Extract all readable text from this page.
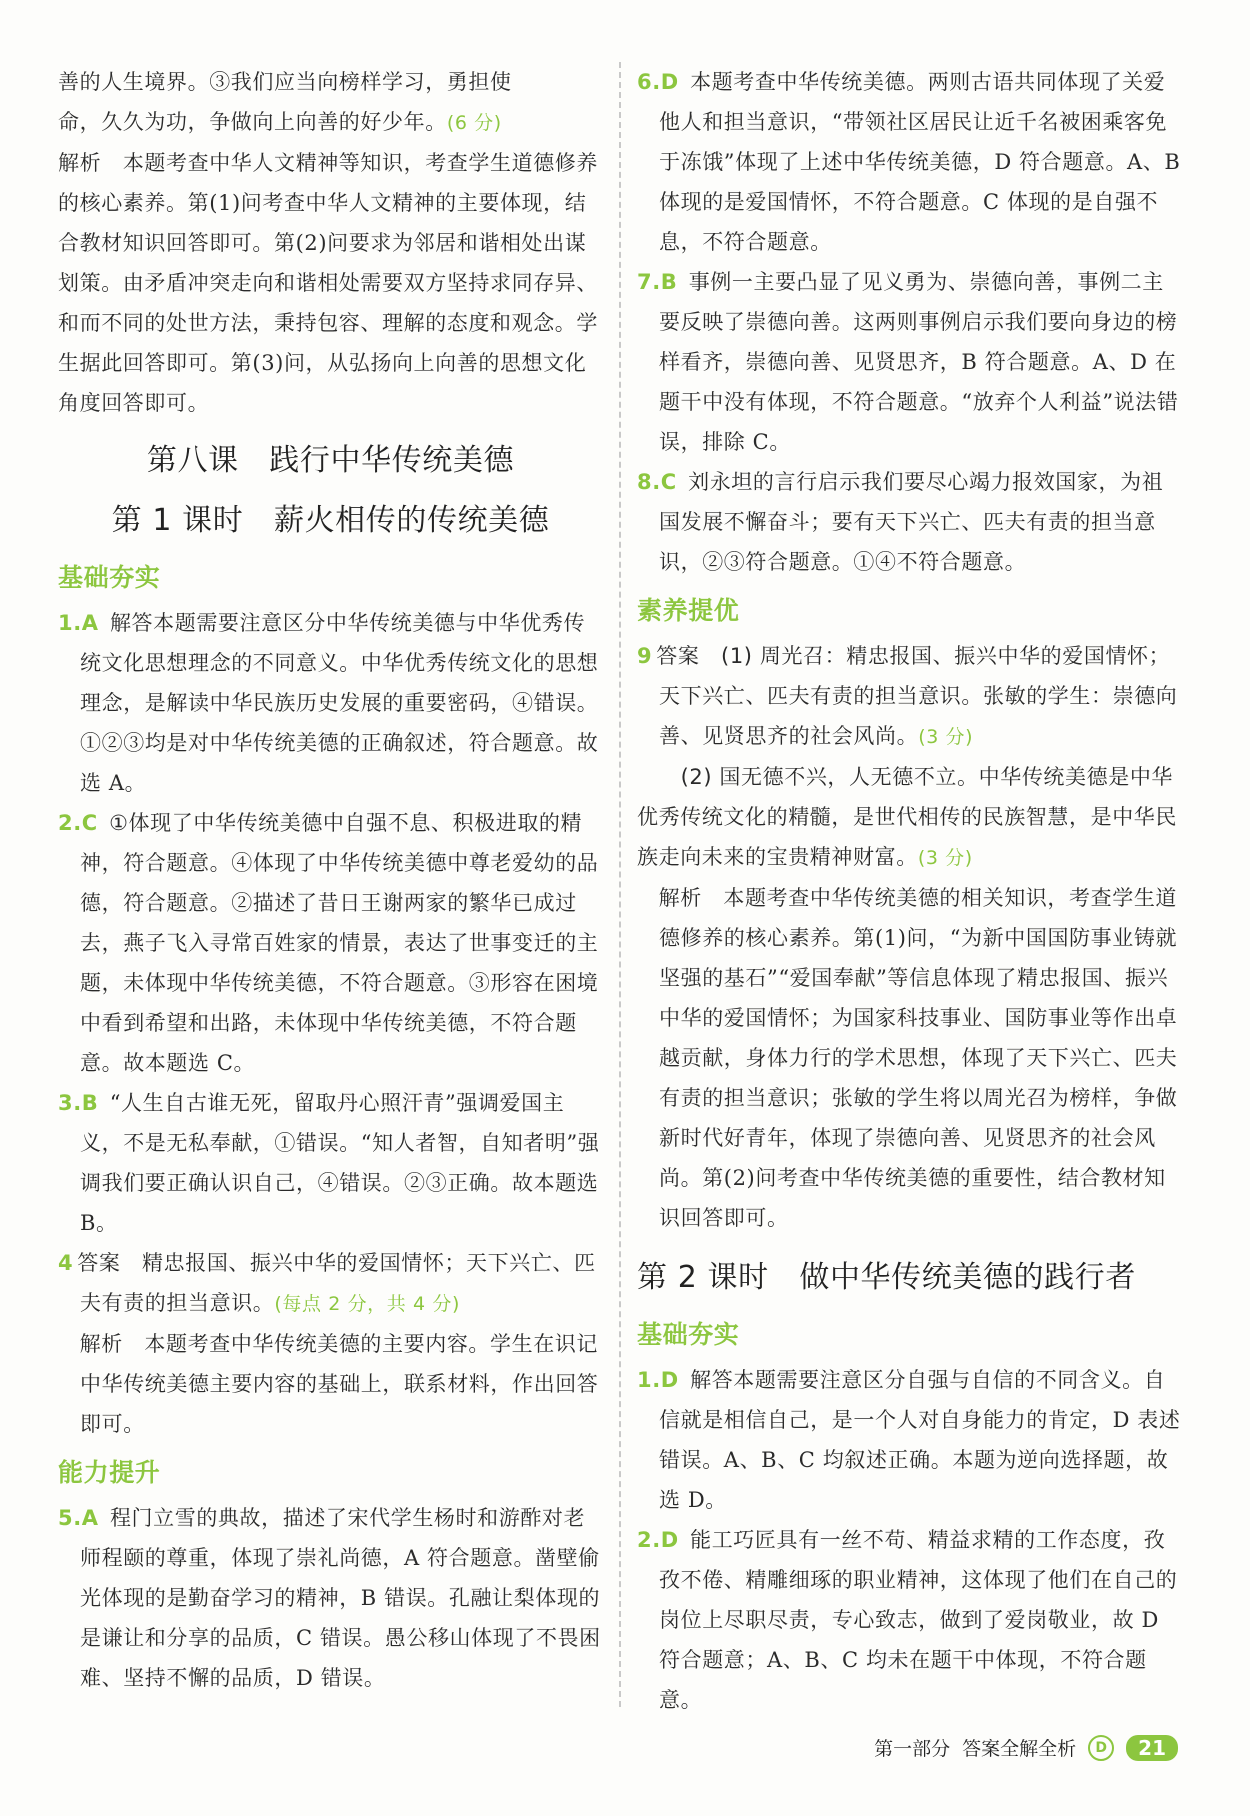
善的人生境界。③我们应当向榜样学习，勇担使

命，久久为功，争做向上向善的好少年。(6 分)

解析　 本题考查中华人文精神等知识，考查学生道德修养的核心素养。第(1)问考查中华人文精神的主要体现，结合教材知识回答即可。第(2)问要求为邻居和谐相处出谋划策。由矛盾冲突走向和谐相处需要双方坚持求同存异、和而不同的处世方法，秉持包容、理解的态度和观念。学生据此回答即可。第(3)问，从弘扬向上向善的思想文化角度回答即可。

第八课　践行中华传统美德
第 1 课时　薪火相传的传统美德
基础夯实

1.A 解答本题需要注意区分中华传统美德与中华优秀传统文化思想理念的不同意义。中华优秀传统文化的思想理念，是解读中华民族历史发展的重要密码，④错误。①②③均是对中华传统美德的正确叙述，符合题意。故选 A。

2.C ①体现了中华传统美德中自强不息、积极进取的精神，符合题意。④体现了中华传统美德中尊老爱幼的品德，符合题意。②描述了昔日王谢两家的繁华已成过去，燕子飞入寻常百姓家的情景，表达了世事变迁的主题，未体现中华传统美德，不符合题意。③形容在困境中看到希望和出路，未体现中华传统美德，不符合题意。故本题选 C。

3.B “人生自古谁无死，留取丹心照汗青”强调爱国主义，不是无私奉献，①错误。“知人者智，自知者明”强调我们要正确认识自己，④错误。②③正确。故本题选 B。

4 答案　 精忠报国、振兴中华的爱国情怀；天下兴亡、匹夫有责的担当意识。(每点 2 分，共 4 分)

　解析　 本题考查中华传统美德的主要内容。学生在识记中华传统美德主要内容的基础上，联系材料，作出回答即可。

能力提升

5.A 程门立雪的典故，描述了宋代学生杨时和游酢对老师程颐的尊重，体现了崇礼尚德，A 符合题意。凿壁偷光体现的是勤奋学习的精神，B 错误。孔融让梨体现的是谦让和分享的品质，C 错误。愚公移山体现了不畏困难、坚持不懈的品质，D 错误。

6.D 本题考查中华传统美德。两则古语共同体现了关爱他人和担当意识，“带领社区居民让近千名被困乘客免于冻饿”体现了上述中华传统美德，D 符合题意。A、B 体现的是爱国情怀，不符合题意。C 体现的是自强不息，不符合题意。

7.B 事例一主要凸显了见义勇为、崇德向善，事例二主要反映了崇德向善。这两则事例启示我们要向身边的榜样看齐，崇德向善、见贤思齐，B 符合题意。A、D 在题干中没有体现，不符合题意。“放弃个人利益”说法错误，排除 C。

8.C 刘永坦的言行启示我们要尽心竭力报效国家，为祖国发展不懈奋斗；要有天下兴亡、匹夫有责的担当意识，②③符合题意。①④不符合题意。

素养提优

9 答案　 (1) 周光召：精忠报国、振兴中华的爱国情怀；天下兴亡、匹夫有责的担当意识。张敏的学生：崇德向善、见贤思齐的社会风尚。(3 分)

　(2) 国无德不兴，人无德不立。中华传统美德是中华优秀传统文化的精髓，是世代相传的民族智慧，是中华民族走向未来的宝贵精神财富。(3 分)

　解析　 本题考查中华传统美德的相关知识，考查学生道德修养的核心素养。第(1)问，“为新中国国防事业铸就坚强的基石”“爱国奉献”等信息体现了精忠报国、振兴中华的爱国情怀；为国家科技事业、国防事业等作出卓越贡献，身体力行的学术思想，体现了天下兴亡、匹夫有责的担当意识；张敏的学生将以周光召为榜样，争做新时代好青年，体现了崇德向善、见贤思齐的社会风尚。第(2)问考查中华传统美德的重要性，结合教材知识回答即可。

第 2 课时　做中华传统美德的践行者
基础夯实

1.D 解答本题需要注意区分自强与自信的不同含义。自信就是相信自己，是一个人对自身能力的肯定，D 表述错误。A、B、C 均叙述正确。本题为逆向选择题，故选 D。

2.D 能工巧匠具有一丝不苟、精益求精的工作态度，孜孜不倦、精雕细琢的职业精神，这体现了他们在自己的岗位上尽职尽责，专心致志，做到了爱岗敬业，故 D 符合题意；A、B、C 均未在题干中体现，不符合题意。

第一部分 答案全解全析	D	21
